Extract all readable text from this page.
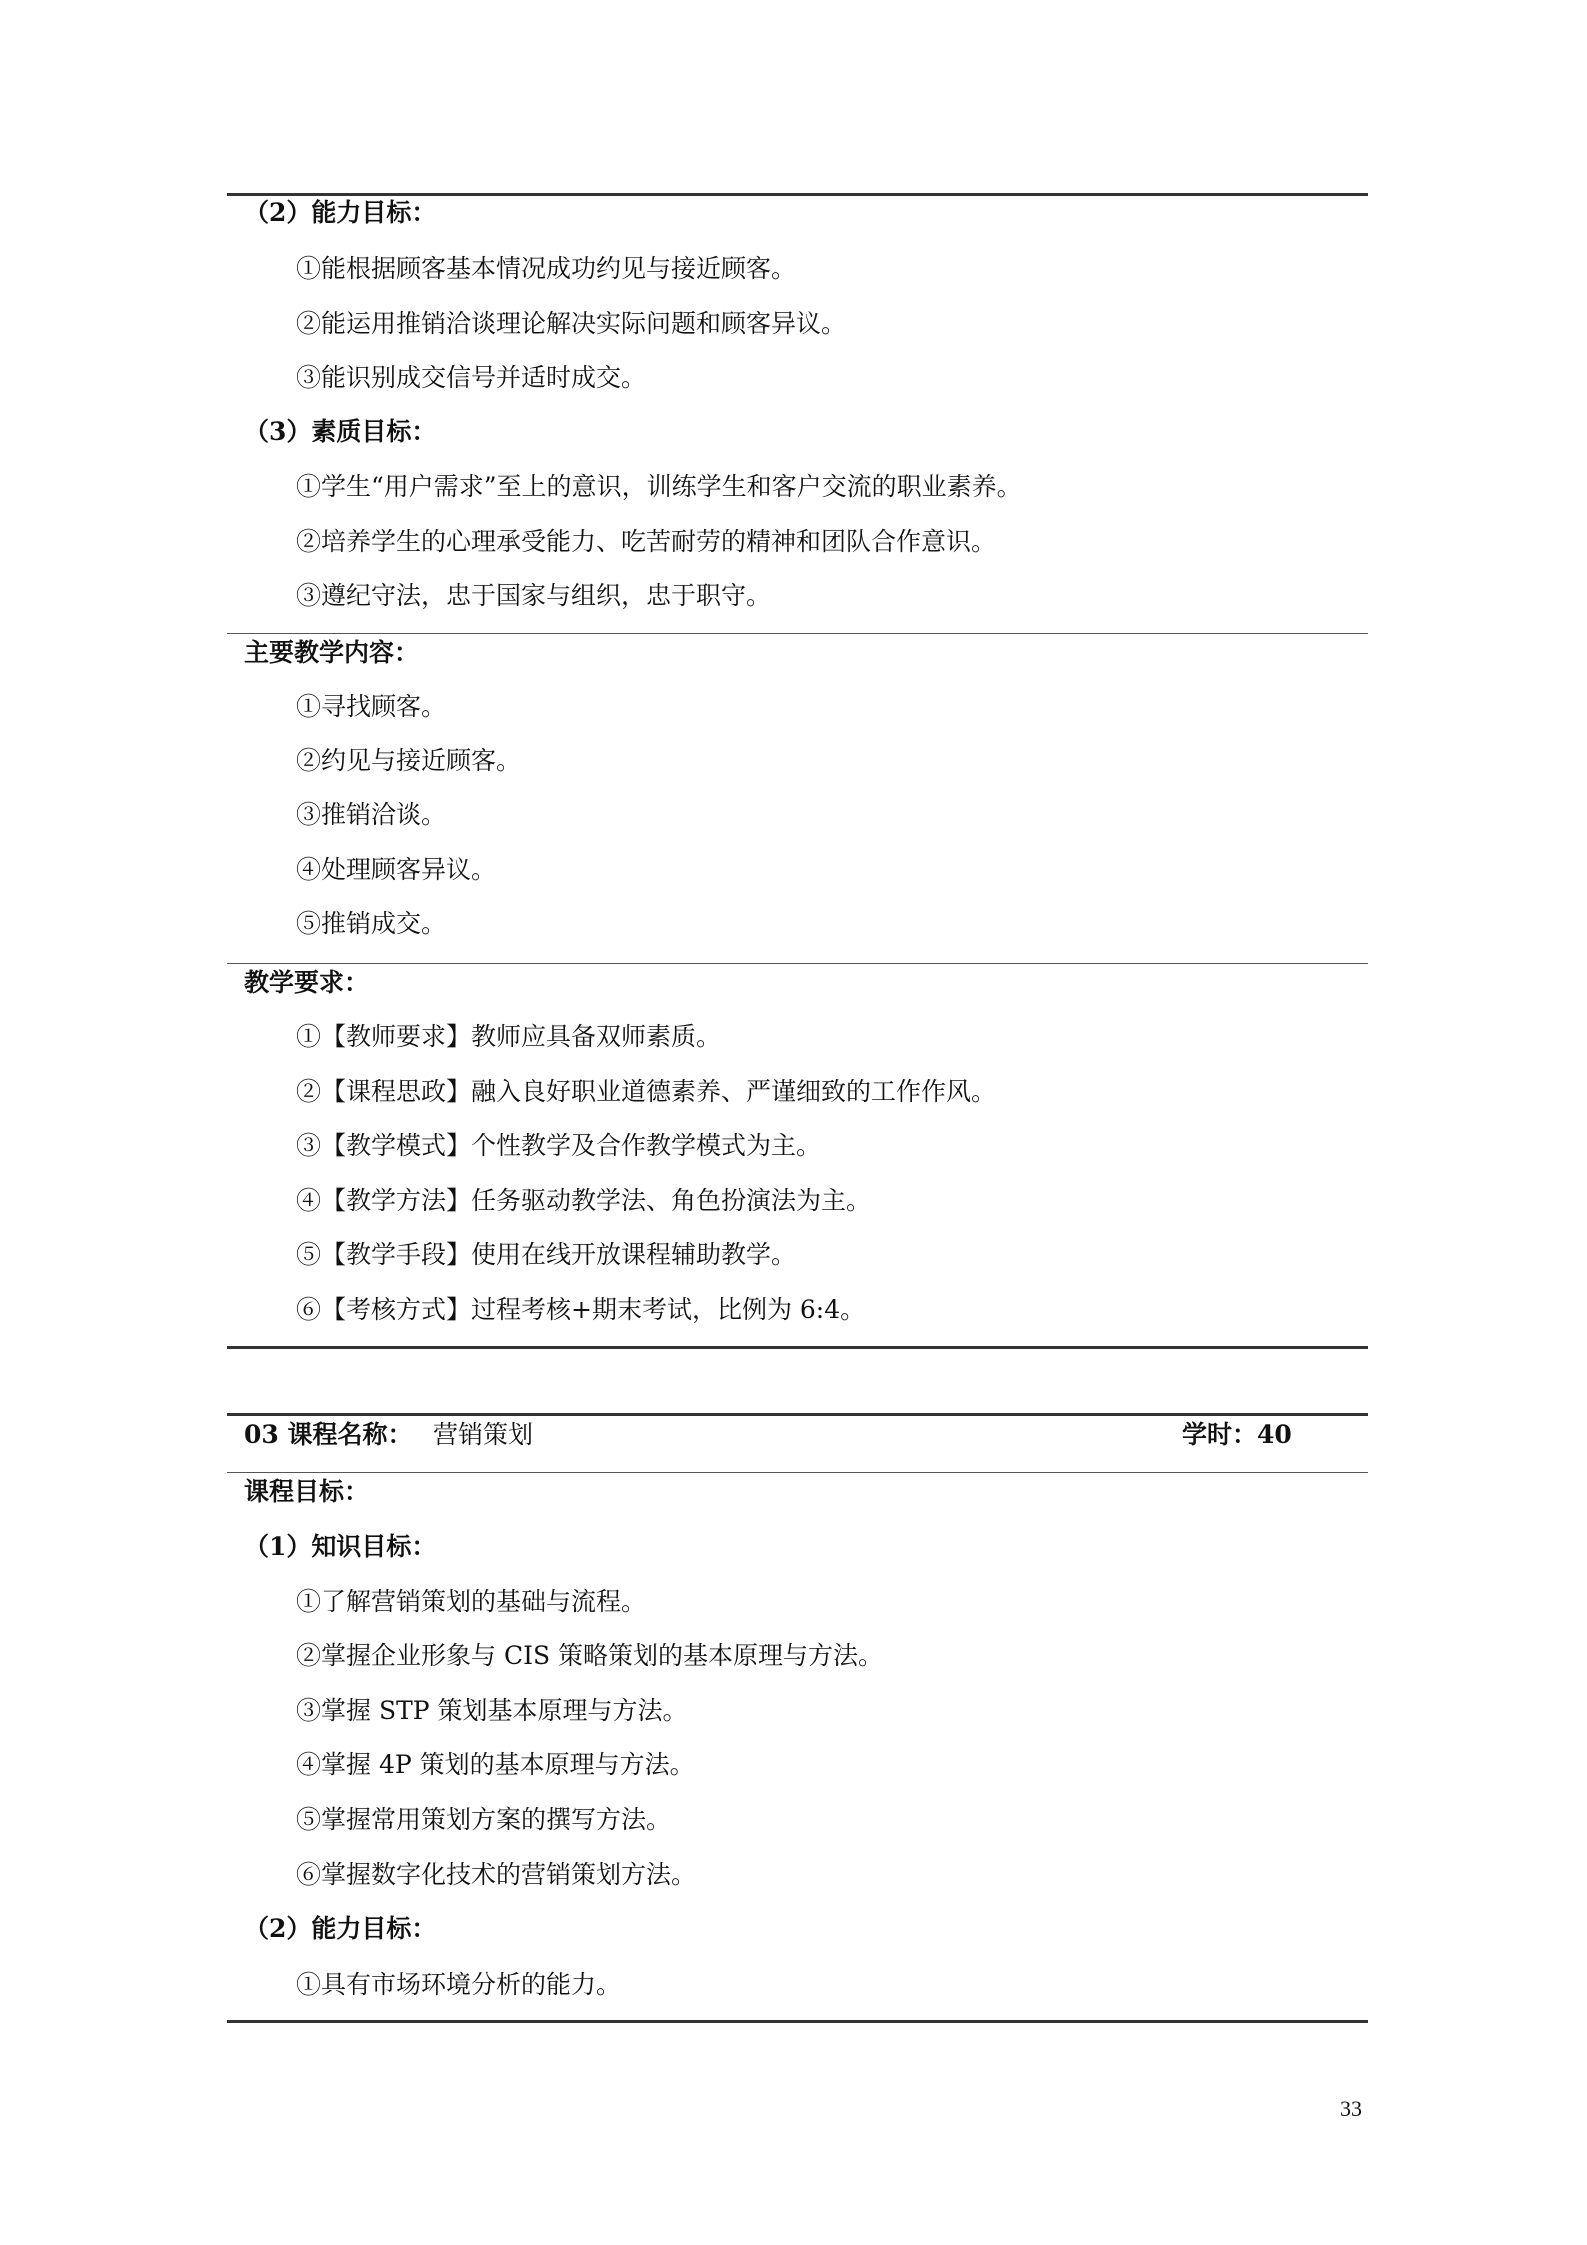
（2）能力目标：
①能根据顾客基本情况成功约见与接近顾客。
②能运用推销洽谈理论解决实际问题和顾客异议。
③能识别成交信号并适时成交。
（3）素质目标：
①学生“用户需求”至上的意识，训练学生和客户交流的职业素养。
②培养学生的心理承受能力、吃苦耐劳的精神和团队合作意识。
③遵纪守法，忠于国家与组织，忠于职守。
主要教学内容：
①寻找顾客。
②约见与接近顾客。
③推销洽谈。
④处理顾客异议。
⑤推销成交。
教学要求：
①【教师要求】教师应具备双师素质。
②【课程思政】融入良好职业道德素养、严谨细致的工作作风。
③【教学模式】个性教学及合作教学模式为主。
④【教学方法】任务驱动教学法、角色扮演法为主。
⑤【教学手段】使用在线开放课程辅助教学。
⑥【考核方式】过程考核+期末考试，比例为 6:4。
03 课程名称： 营销策划	学时：40
课程目标：
（1）知识目标：
①了解营销策划的基础与流程。
②掌握企业形象与 CIS 策略策划的基本原理与方法。
③掌握 STP 策划基本原理与方法。
④掌握 4P 策划的基本原理与方法。
⑤掌握常用策划方案的撰写方法。
⑥掌握数字化技术的营销策划方法。
（2）能力目标：
①具有市场环境分析的能力。
33
